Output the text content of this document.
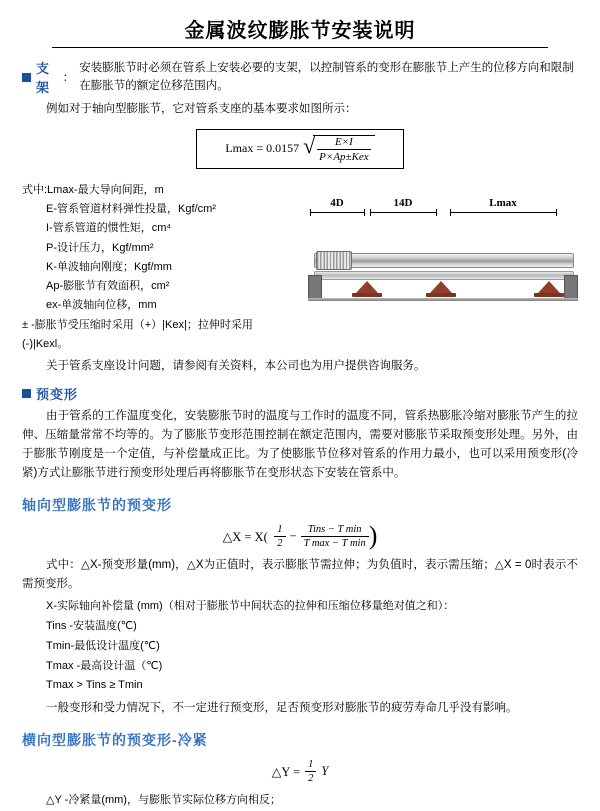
金属波纹膨胀节安装说明
支架
：
安装膨胀节时必须在管系上安装必要的支架，以控制管系的变形在膨胀节上产生的位移方向和限制在膨胀节的额定位移范围内。

例如对于轴向型膨胀节，它对管系支座的基本要求如图所示：

Lmax = 0.0157 √
$\frac{E\times I}{\text{P×Ap±Kex}}$
式中:Lmax-最大导向间距，m
E-管系管道材料弹性投量，Kgf/cm²
I-管系管道的惯性矩，cm⁴
P-设计压力，Kgf/mm²
K-单波轴向刚度；Kgf/mm
Ap-膨胀节有效面积，cm²
ex-单波轴向位移，mm
± -膨胀节受压缩时采用（+）|Kex|；拉伸时采用(-)|Kexl。
4D	14D	Lmax

关于管系支座设计问题，请参阅有关资料，本公司也为用户提供咨询服务。

预变形

由于管系的工作温度变化，安装膨胀节时的温度与工作时的温度不同，管系热膨胀冷缩对膨胀节产生的拉伸、压缩量常常不均等的。为了膨胀节变形范围控制在额定范围内，需要对膨胀节采取预变形处理。另外，由于膨胀节刚度是一个定值，与补偿量成正比。为了使膨胀节位移对管系的作用力最小，也可以采用预变形(冷紧)方式让膨胀节进行预变形处理后再将膨胀节在变形状态下安装在管系中。

轴向型膨胀节的预变形
△X = X(
$\frac{1}{2} - \frac{\text{Tins − T min}}{\text{T max − T min}}$ )

式中：△X-预变形量(mm)，△X为正值时，表示膨胀节需拉伸；为负值时，表示需压缩；△X = 0时表示不需预变形。

X-实际轴向补偿量 (mm)（相对于膨胀节中间状态的拉伸和压缩位移量绝对值之和）：
Tins -安装温度(℃)
Tmin-最低设计温度(℃)
Tmax -最高设计温（℃)
Tmax > Tins ≥ Tmin

一般变形和受力情况下，不一定进行预变形，足否预变形对膨胀节的疲劳寿命几乎没有影响。

横向型膨胀节的预变形-冷紧
△Y = $\frac{1}{2}$ Y
△Y -冷紧量(mm)，与膨胀节实际位移方向相反；
